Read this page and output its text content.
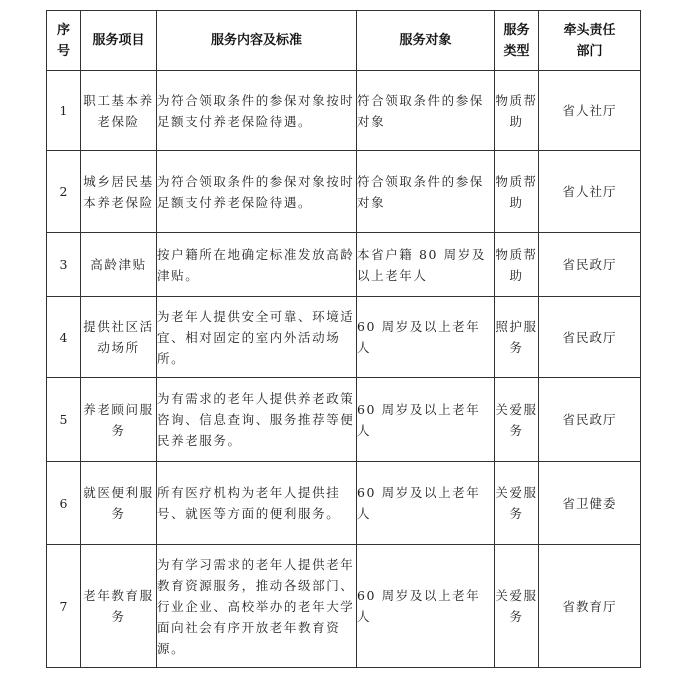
序号	服务项目	服务内容及标准	服务对象	服务类型	牵头责任部门
1	职工基本养老保险	为符合领取条件的参保对象按时足额支付养老保险待遇。	符合领取条件的参保对象	物质帮助	省人社厅
2	城乡居民基本养老保险	为符合领取条件的参保对象按时足额支付养老保险待遇。	符合领取条件的参保对象	物质帮助	省人社厅
3	高龄津贴	按户籍所在地确定标准发放高龄津贴。	本省户籍 80 周岁及以上老年人	物质帮助	省民政厅
4	提供社区活动场所	为老年人提供安全可靠、环境适宜、相对固定的室内外活动场所。	60 周岁及以上老年人	照护服务	省民政厅
5	养老顾问服务	为有需求的老年人提供养老政策咨询、信息查询、服务推荐等便民养老服务。	60 周岁及以上老年人	关爱服务	省民政厅
6	就医便利服务	所有医疗机构为老年人提供挂号、就医等方面的便利服务。	60 周岁及以上老年人	关爱服务	省卫健委
7	老年教育服务	为有学习需求的老年人提供老年教育资源服务，推动各级部门、行业企业、高校举办的老年大学面向社会有序开放老年教育资源。	60 周岁及以上老年人	关爱服务	省教育厅
